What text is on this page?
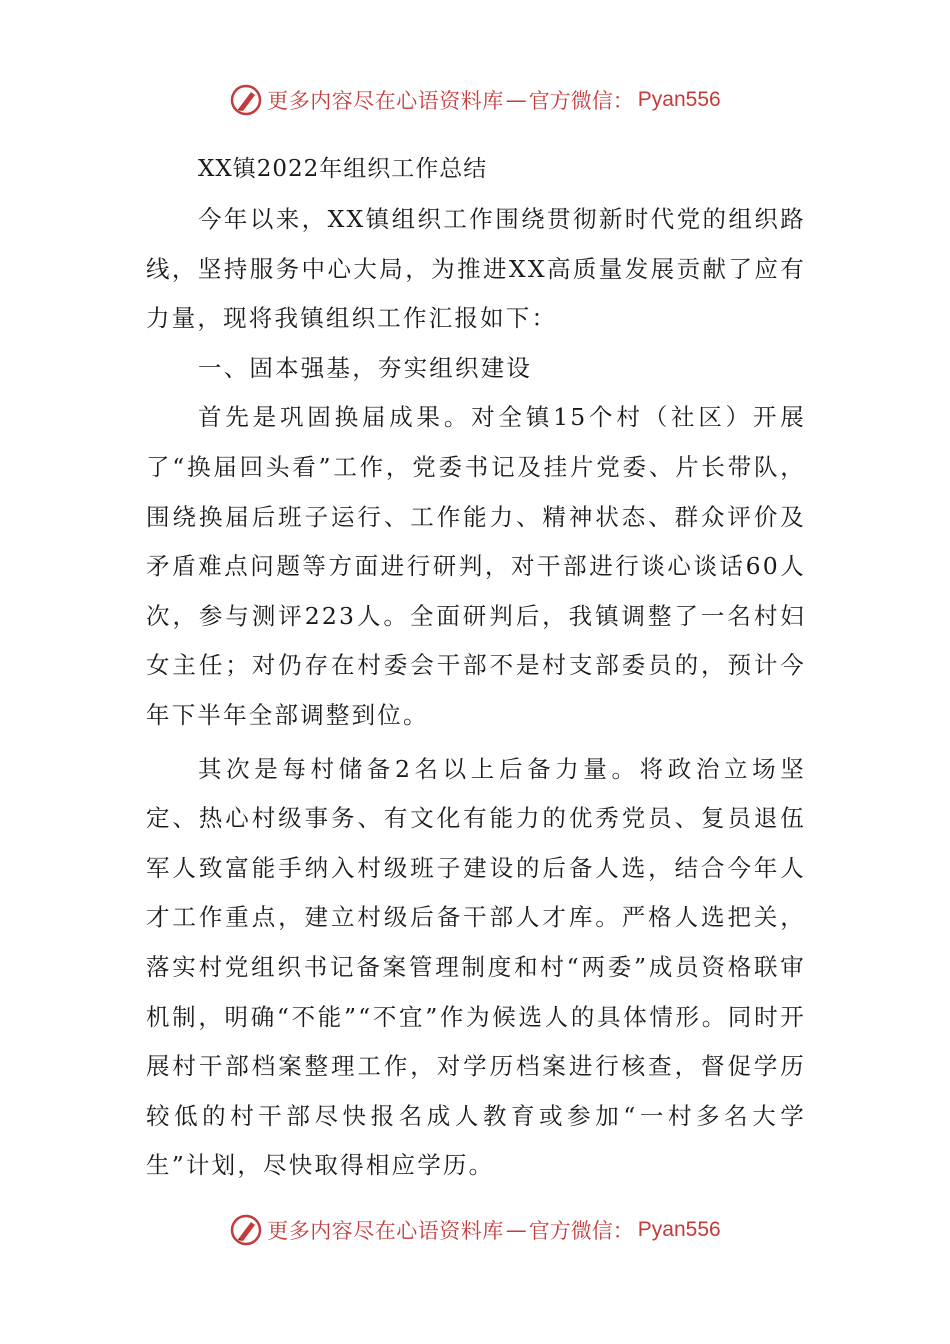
更多内容尽在心语资料库 — 官方微信： Pyan556
XX镇2022年组织工作总结

今年以来，XX镇组织工作围绕贯彻新时代党的组织路线，坚持服务中心大局，为推进XX高质量发展贡献了应有力量，现将我镇组织工作汇报如下：

一、固本强基，夯实组织建设

首先是巩固换届成果。对全镇15个村（社区）开展了“换届回头看”工作，党委书记及挂片党委、片长带队，围绕换届后班子运行、工作能力、精神状态、群众评价及矛盾难点问题等方面进行研判，对干部进行谈心谈话60人次，参与测评223人。全面研判后，我镇调整了一名村妇女主任；对仍存在村委会干部不是村支部委员的，预计今年下半年全部调整到位。

其次是每村储备2名以上后备力量。将政治立场坚定、热心村级事务、有文化有能力的优秀党员、复员退伍军人致富能手纳入村级班子建设的后备人选，结合今年人才工作重点，建立村级后备干部人才库。严格人选把关，落实村党组织书记备案管理制度和村“两委”成员资格联审机制，明确“不能”“不宜”作为候选人的具体情形。同时开展村干部档案整理工作，对学历档案进行核查，督促学历较低的村干部尽快报名成人教育或参加“一村多名大学生”计划，尽快取得相应学历。

更多内容尽在心语资料库 — 官方微信： Pyan556
